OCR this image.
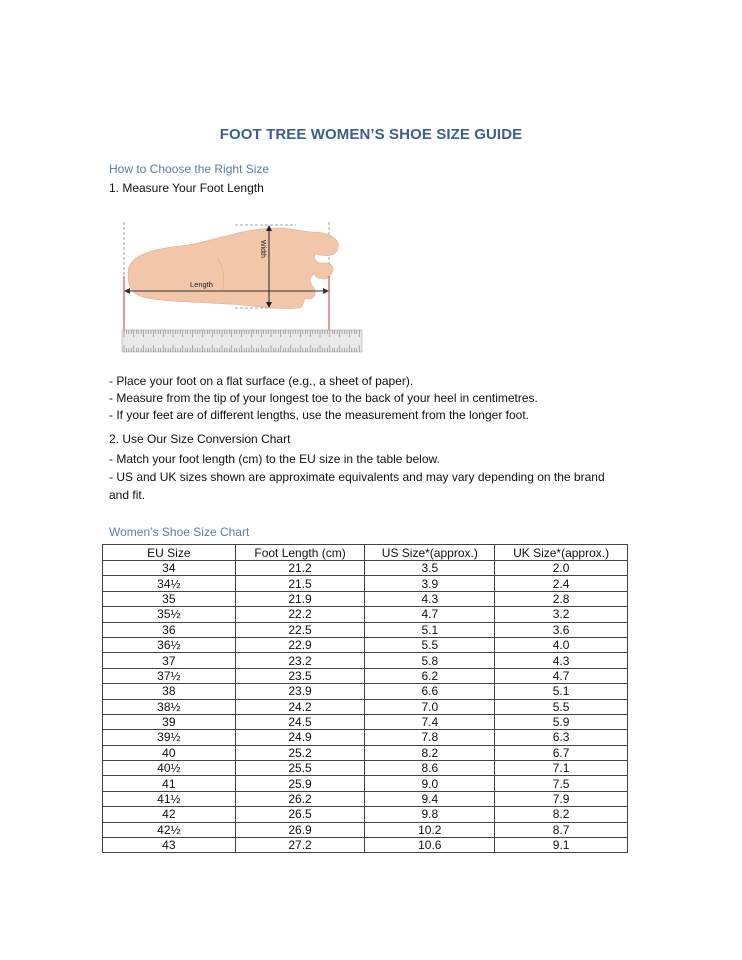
FOOT TREE WOMEN’S SHOE SIZE GUIDE
How to Choose the Right Size
1. Measure Your Foot Length
Width
Length
- Place your foot on a flat surface (e.g., a sheet of paper).
- Measure from the tip of your longest toe to the back of your heel in centimetres.
- If your feet are of different lengths, use the measurement from the longer foot.
2. Use Our Size Conversion Chart
- Match your foot length (cm) to the EU size in the table below.
- US and UK sizes shown are approximate equivalents and may vary depending on the brand
and fit.
Women’s Shoe Size Chart
EU Size	Foot Length (cm)	US Size*(approx.)	UK Size*(approx.)
34	21.2	3.5	2.0
34½	21.5	3.9	2.4
35	21.9	4.3	2.8
35½	22.2	4.7	3.2
36	22.5	5.1	3.6
36½	22.9	5.5	4.0
37	23.2	5.8	4.3
37½	23.5	6.2	4.7
38	23.9	6.6	5.1
38½	24.2	7.0	5.5
39	24.5	7.4	5.9
39½	24.9	7.8	6.3
40	25.2	8.2	6.7
40½	25.5	8.6	7.1
41	25.9	9.0	7.5
41½	26.2	9.4	7.9
42	26.5	9.8	8.2
42½	26.9	10.2	8.7
43	27.2	10.6	9.1
